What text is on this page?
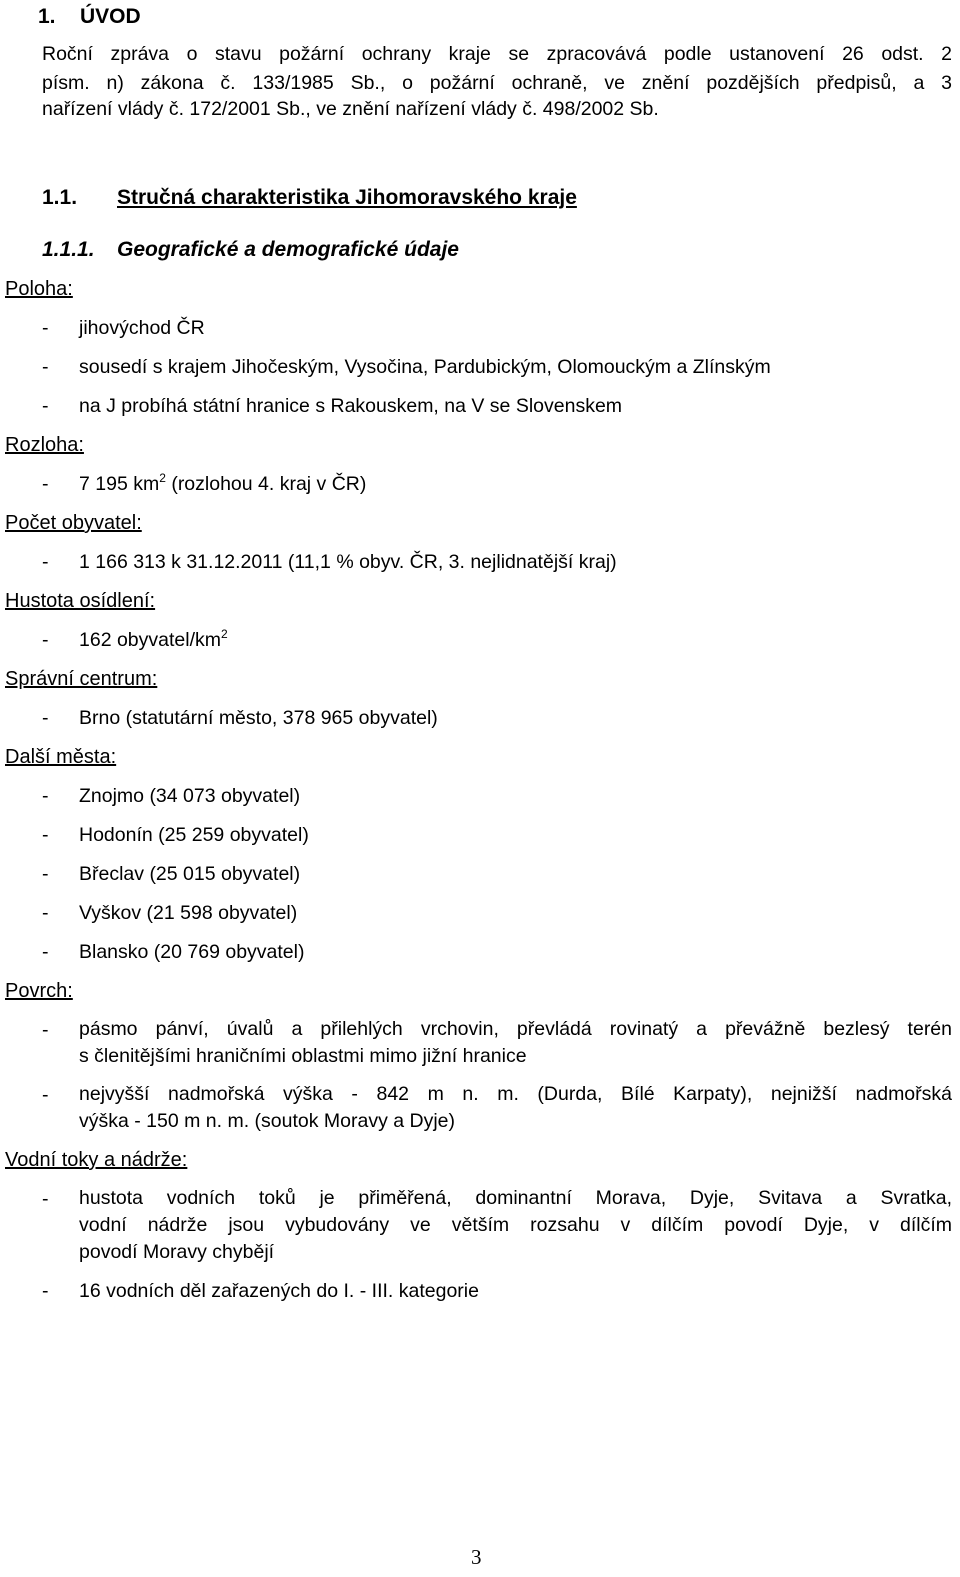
1. ÚVOD
Roční zpráva o stavu požární ochrany kraje se zpracovává podle ustanovení 26 odst. 2
písm. n) zákona č. 133/1985 Sb., o požární ochraně, ve znění pozdějších předpisů, a 3
nařízení vlády č. 172/2001 Sb., ve znění nařízení vlády č. 498/2002 Sb.
1.1. Stručná charakteristika Jihomoravského kraje
1.1.1. Geografické a demografické údaje
Poloha:
- jihovýchod ČR
- sousedí s krajem Jihočeským, Vysočina, Pardubickým, Olomouckým a Zlínským
- na J probíhá státní hranice s Rakouskem, na V se Slovenskem
Rozloha:
- 7 195 $km^2$ (rozlohou 4. kraj v ČR)
Počet obyvatel:
- 1 166 313 k 31.12.2011 (11,1 % obyv. ČR, 3. nejlidnatější kraj)
Hustota osídlení:
- 162 obyvatel/$km^2$
Správní centrum:
- Brno (statutární město, 378 965 obyvatel)
Další města:
- Znojmo (34 073 obyvatel)
- Hodonín (25 259 obyvatel)
- Břeclav (25 015 obyvatel)
- Vyškov (21 598 obyvatel)
- Blansko (20 769 obyvatel)
Povrch:
- pásmo pánví, úvalů a přilehlých vrchovin, převládá rovinatý a převážně bezlesý terén
s členitějšími hraničními oblastmi mimo jižní hranice
- nejvyšší nadmořská výška - 842 m n. m. (Durda, Bílé Karpaty), nejnižší nadmořská
výška - 150 m n. m. (soutok Moravy a Dyje)
Vodní toky a nádrže:
- hustota vodních toků je přiměřená, dominantní Morava, Dyje, Svitava a Svratka,
vodní nádrže jsou vybudovány ve větším rozsahu v dílčím povodí Dyje, v dílčím
povodí Moravy chybějí
- 16 vodních děl zařazených do I. - III. kategorie
3
